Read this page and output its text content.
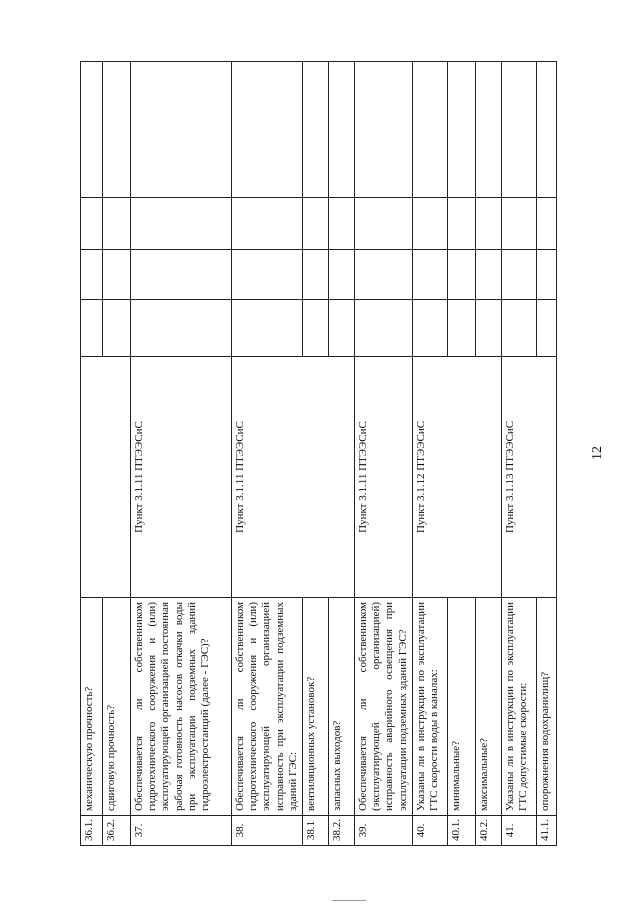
12
36.1.	механическую прочность?					
36.2.	сдвиговую прочность?					
37.	Обеспечивается ли собственником гидротехнического сооружения и (или) эксплуатирующей организацией постоянная рабочая готовность насосов откачки воды при эксплуатации подземных зданий гидроэлектростанций (далее - ГЭС)?	Пункт 3.1.11 ПТЭЭСиС				
38.	Обеспечивается ли собственником гидротехнического сооружения и (или) эксплуатирующей организацией исправность при эксплуатации подземных зданий ГЭС:	Пункт 3.1.11 ПТЭЭСиС				
38.1	вентиляционных установок?					
38.2.	запасных выходов?					
39.	Обеспечивается ли собственником (эксплуатирующей организацией) исправность аварийного освещения при эксплуатации подземных зданий ГЭС?	Пункт 3.1.11 ПТЭЭСиС				
40.	Указаны ли в инструкции по эксплуатации ГТС скорости воды в каналах:	Пункт 3.1.12 ПТЭЭСиС				
40.1.	минимальные?					
40.2.	максимальные?					
41.	Указаны ли в инструкции по эксплуатации ГТС допустимые скорости:	Пункт 3.1.13 ПТЭЭСиС				
41.1.	опорожнения водохранилищ?					
